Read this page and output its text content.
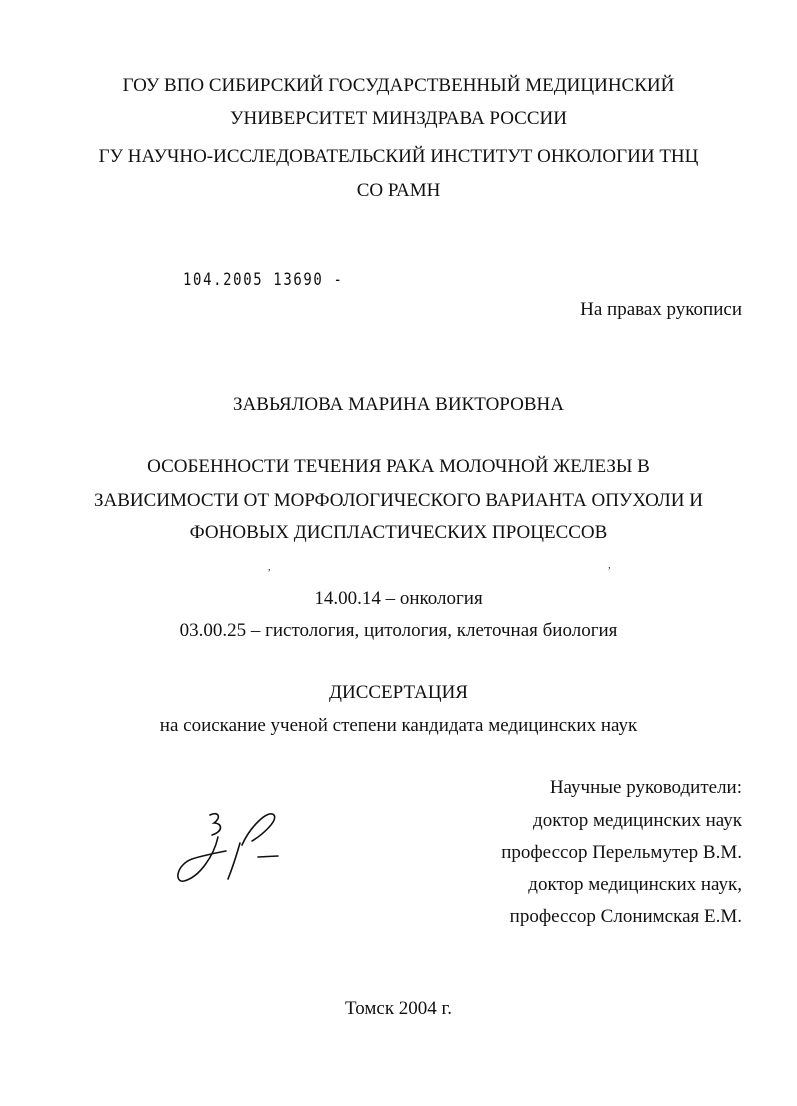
ГОУ ВПО СИБИРСКИЙ ГОСУДАРСТВЕННЫЙ МЕДИЦИНСКИЙ
УНИВЕРСИТЕТ МИНЗДРАВА РОССИИ
ГУ НАУЧНО-ИССЛЕДОВАТЕЛЬСКИЙ ИНСТИТУТ ОНКОЛОГИИ ТНЦ
СО РАМН
104.2005 13690 -
На правах рукописи
ЗАВЬЯЛОВА МАРИНА ВИКТОРОВНА
ОСОБЕННОСТИ ТЕЧЕНИЯ РАКА МОЛОЧНОЙ ЖЕЛЕЗЫ В
ЗАВИСИМОСТИ ОТ МОРФОЛОГИЧЕСКОГО ВАРИАНТА ОПУХОЛИ И
ФОНОВЫХ ДИСПЛАСТИЧЕСКИХ ПРОЦЕССОВ
,	,
14.00.14 – онкология
03.00.25 – гистология, цитология, клеточная биология
ДИССЕРТАЦИЯ
на соискание ученой степени кандидата медицинских наук
Научные руководители:
доктор медицинских наук
профессор Перельмутер В.М.
доктор медицинских наук,
профессор Слонимская Е.М.
Томск 2004 г.
